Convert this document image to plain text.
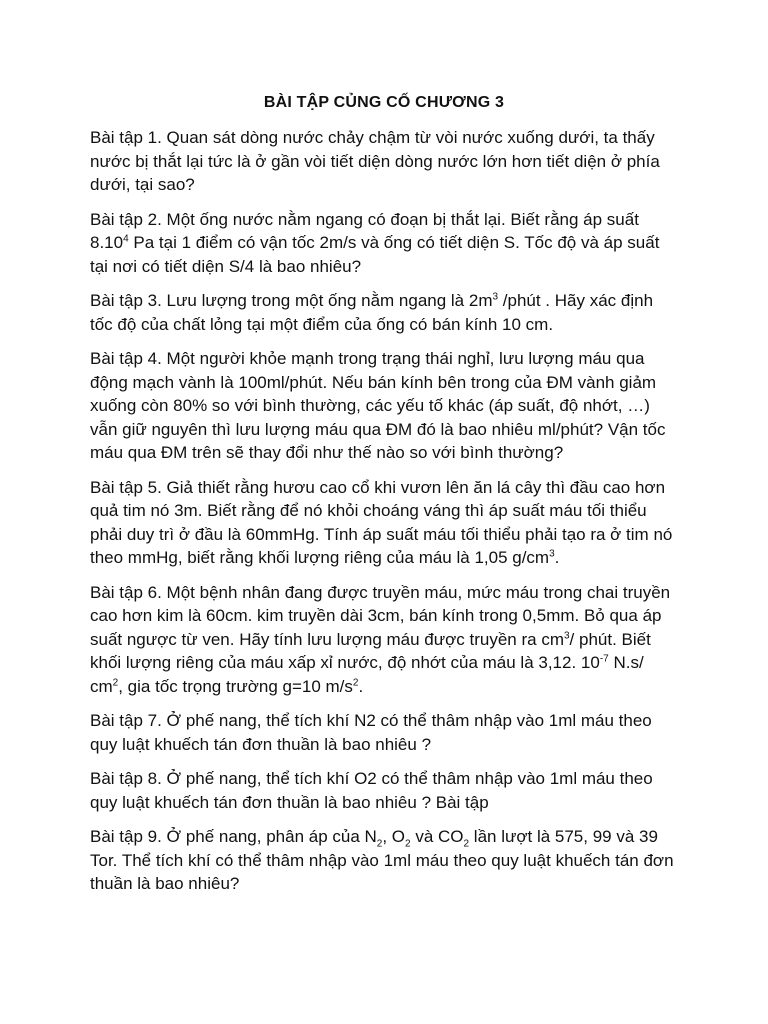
BÀI TẬP CỦNG CỐ CHƯƠNG 3

Bài tập 1. Quan sát dòng nước chảy chậm từ vòi nước xuống dưới, ta thấy nước bị thắt lại tức là ở gần vòi tiết diện dòng nước lớn hơn tiết diện ở phía dưới, tại sao?

Bài tập 2. Một ống nước nằm ngang có đoạn bị thắt lại. Biết rằng áp suất 8.10$^4$ Pa tại 1 điểm có vận tốc 2m/s và ống có tiết diện S. Tốc độ và áp suất tại nơi có tiết diện S/4 là bao nhiêu?

Bài tập 3. Lưu lượng trong một ống nằm ngang là $2m^3$ /phút . Hãy xác định tốc độ của chất lỏng tại một điểm của ống có bán kính 10 cm.

Bài tập 4. Một người khỏe mạnh trong trạng thái nghỉ, lưu lượng máu qua động mạch vành là 100ml/phút. Nếu bán kính bên trong của ĐM vành giảm xuống còn 80% so với bình thường, các yếu tố khác (áp suất, độ nhớt, …) vẫn giữ nguyên thì lưu lượng máu qua ĐM đó là bao nhiêu ml/phút? Vận tốc máu qua ĐM trên sẽ thay đổi như thế nào so với bình thường?

Bài tập 5. Giả thiết rằng hươu cao cổ khi vươn lên ăn lá cây thì đầu cao hơn quả tim nó 3m. Biết rằng để nó khỏi choáng váng thì áp suất máu tối thiểu phải duy trì ở đầu là 60mmHg. Tính áp suất máu tối thiểu phải tạo ra ở tim nó theo mmHg, biết rằng khối lượng riêng của máu là 1,05 $g/cm^3$.

Bài tập 6. Một bệnh nhân đang được truyền máu, mức máu trong chai truyền cao hơn kim là 60cm. kim truyền dài 3cm, bán kính trong 0,5mm. Bỏ qua áp suất ngược từ ven. Hãy tính lưu lượng máu được truyền ra $cm^3/$ phút. Biết khối lượng riêng của máu xấp xỉ nước, độ nhớt của máu là 3,12. $10^{-7}$ N.s/ $cm^2$, gia tốc trọng trường g=10 $m/s^2$.

Bài tập 7. Ở phế nang, thể tích khí N2 có thể thâm nhập vào 1ml máu theo quy luật khuếch tán đơn thuần là bao nhiêu ?

Bài tập 8. Ở phế nang, thể tích khí O2 có thể thâm nhập vào 1ml máu theo quy luật khuếch tán đơn thuần là bao nhiêu ? Bài tập

Bài tập 9. Ở phế nang, phân áp của $N_2$, $O_2$ và $CO_2$ lần lượt là 575, 99 và 39 Tor. Thể tích khí có thể thâm nhập vào 1ml máu theo quy luật khuếch tán đơn thuần là bao nhiêu?
